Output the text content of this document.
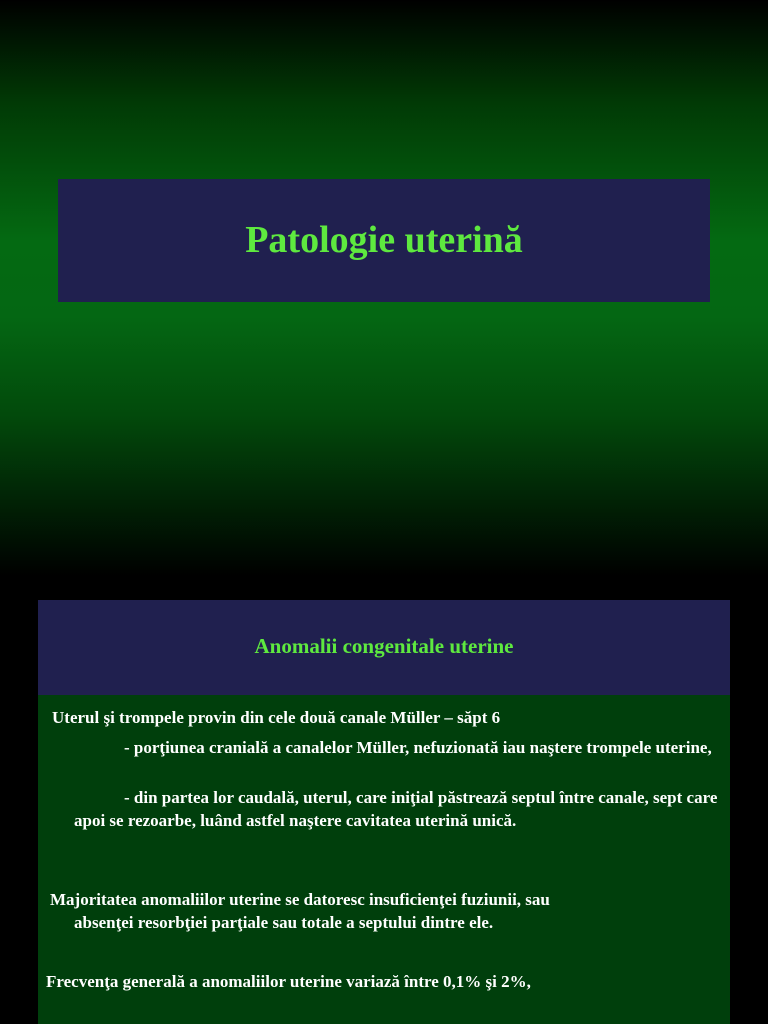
Patologie uterină
Anomalii congenitale uterine
Uterul şi trompele provin din cele două canale Müller – săpt 6
- porţiunea cranială a canalelor Müller, nefuzionată iau naştere trompele uterine,
- din partea lor caudală, uterul, care iniţial păstrează septul între canale, sept care apoi se rezoarbe, luând astfel naştere cavitatea uterină unică.
Majoritatea anomaliilor uterine se datoresc insuficienţei fuziunii, sau
absenţei resorbţiei parţiale sau totale a septului dintre ele.
Frecvenţa generală a anomaliilor uterine variază între 0,1% şi 2%,
